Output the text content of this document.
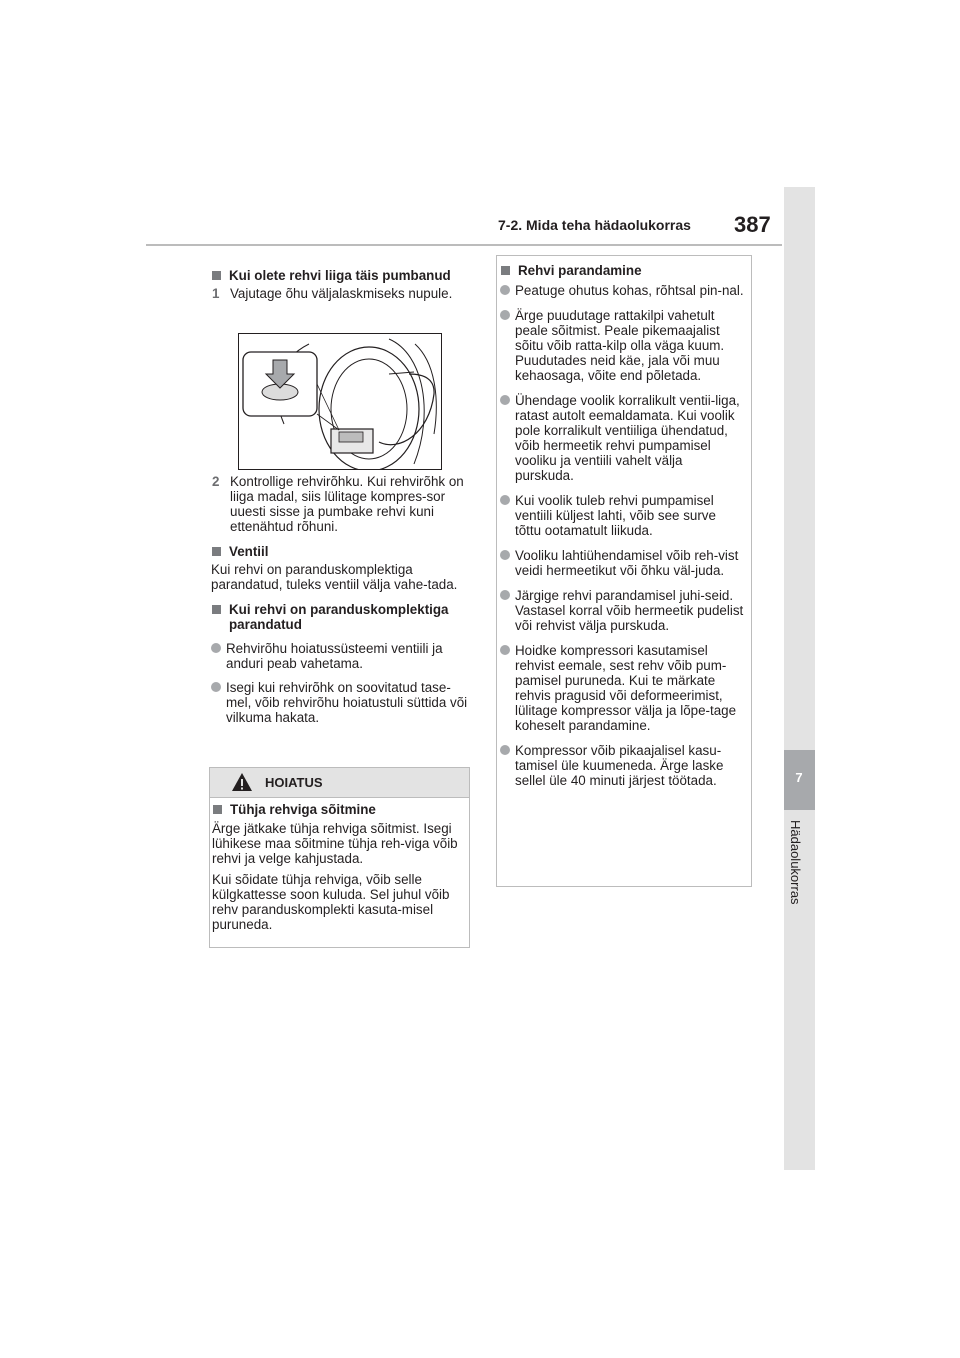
7-2. Mida teha hädaolukorras 387
7
Hädaolukorras

Kui olete rehvi liiga täis pumbanud

1 Vajutage õhu väljalaskmiseks nupule.

2 Kontrollige rehvirõhku. Kui rehvirõhk on liiga madal, siis lülitage kompres-sor uuesti sisse ja pumbake rehvi kuni ettenähtud rõhuni.

Ventiil

Kui rehvi on paranduskomplektiga parandatud, tuleks ventiil välja vahe-tada.

Kui rehvi on paranduskomplektiga parandatud

Rehvirõhu hoiatussüsteemi ventiili ja anduri peab vahetama.

Isegi kui rehvirõhk on soovitatud tase-mel, võib rehvirõhu hoiatustuli süttida või vilkuma hakata.

HOIATUS

Tühja rehviga sõitmine

Ärge jätkake tühja rehviga sõitmist. Isegi lühikese maa sõitmine tühja reh-viga võib rehvi ja velge kahjustada.

Kui sõidate tühja rehviga, võib selle külgkattesse soon kuluda. Sel juhul võib rehv paranduskomplekti kasuta-misel puruneda.

Rehvi parandamine

Peatuge ohutus kohas, rõhtsal pin-nal.

Ärge puudutage rattakilpi vahetult peale sõitmist. Peale pikemaajalist sõitu võib ratta-kilp olla väga kuum. Puudutades neid käe, jala või muu kehaosaga, võite end põletada.

Ühendage voolik korralikult ventii-liga, ratast autolt eemaldamata. Kui voolik pole korralikult ventiiliga ühendatud, võib hermeetik rehvi pumpamisel vooliku ja ventiili vahelt välja purskuda.

Kui voolik tuleb rehvi pumpamisel ventiili küljest lahti, võib see surve tõttu ootamatult liikuda.

Vooliku lahtiühendamisel võib reh-vist veidi hermeetikut või õhku väl-juda.

Järgige rehvi parandamisel juhi-seid. Vastasel korral võib hermeetik pudelist või rehvist välja purskuda.

Hoidke kompressori kasutamisel rehvist eemale, sest rehv võib pum-pamisel puruneda. Kui te märkate rehvis pragusid või deformeerimist, lülitage kompressor välja ja lõpe-tage koheselt parandamine.

Kompressor võib pikaajalisel kasu-tamisel üle kuumeneda. Ärge laske sellel üle 40 minuti järjest töötada.
